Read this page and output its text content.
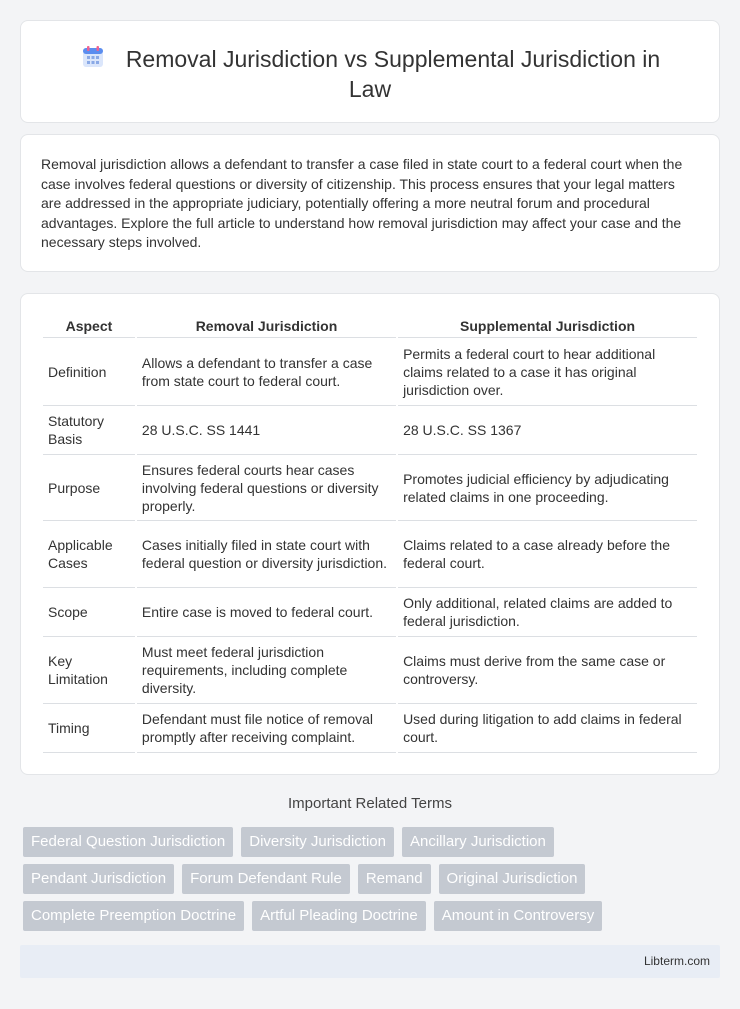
Removal Jurisdiction vs Supplemental Jurisdiction in
Law

Removal jurisdiction allows a defendant to transfer a case filed in state court to a federal court when the case involves federal questions or diversity of citizenship. This process ensures that your legal matters are addressed in the appropriate judiciary, potentially offering a more neutral forum and procedural advantages. Explore the full article to understand how removal jurisdiction may affect your case and the necessary steps involved.

Aspect	Removal Jurisdiction	Supplemental Jurisdiction
Definition	Allows a defendant to transfer a case from state court to federal court.	Permits a federal court to hear additional claims related to a case it has original jurisdiction over.
Statutory Basis	28 U.S.C. SS 1441	28 U.S.C. SS 1367
Purpose	Ensures federal courts hear cases involving federal questions or diversity properly.	Promotes judicial efficiency by adjudicating related claims in one proceeding.
Applicable Cases	Cases initially filed in state court with federal question or diversity jurisdiction.	Claims related to a case already before the federal court.
Scope	Entire case is moved to federal court.	Only additional, related claims are added to federal jurisdiction.
Key Limitation	Must meet federal jurisdiction requirements, including complete diversity.	Claims must derive from the same case or controversy.
Timing	Defendant must file notice of removal promptly after receiving complaint.	Used during litigation to add claims in federal court.
Important Related Terms
Federal Question Jurisdiction	Diversity Jurisdiction	Ancillary Jurisdiction
Pendant Jurisdiction	Forum Defendant Rule	Remand	Original Jurisdiction
Complete Preemption Doctrine	Artful Pleading Doctrine	Amount in Controversy
Libterm.com
